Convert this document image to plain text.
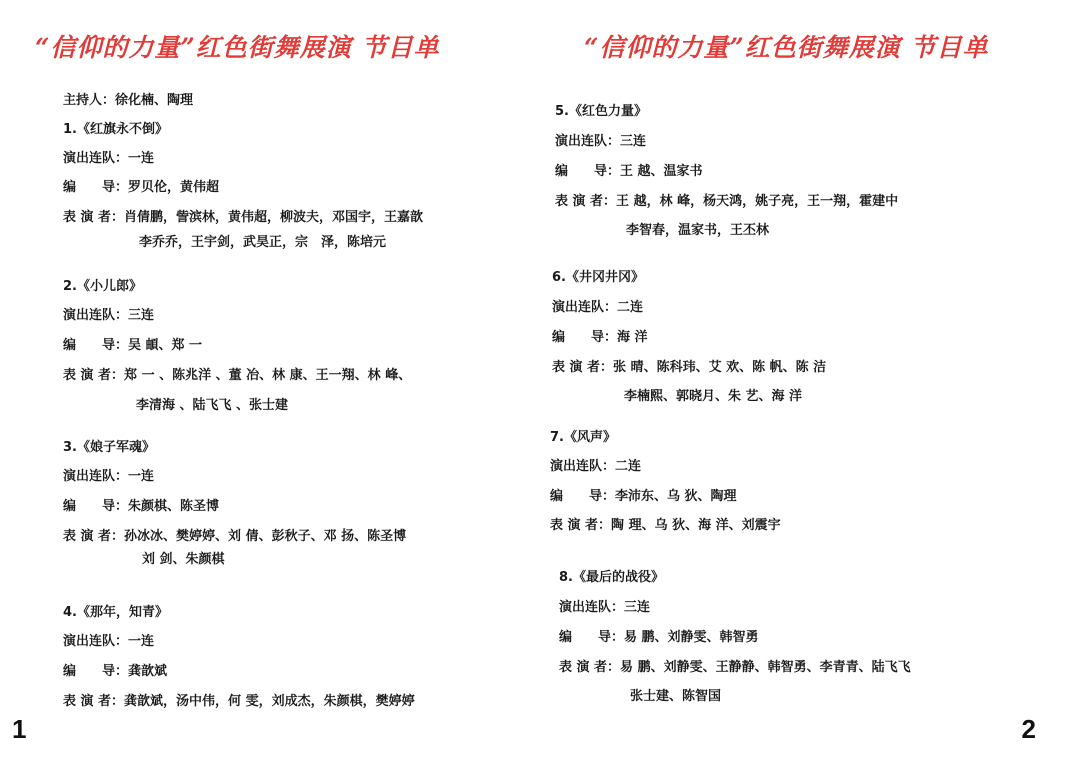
“信仰的力量”红色街舞展演 节目单

主持人：徐化楠、陶理

1.《红旗永不倒》

演出连队：一连

编　　导：罗贝伦，黄伟超

表 演 者：肖倩鹏，訾滨林，黄伟超，柳波夫，邓国宇，王嘉歆

李乔乔，王宇剑，武昊正，宗　泽，陈培元

2.《小儿郎》

演出连队：三连

编　　导：吴 頔、郑 一

表 演 者：郑 一 、陈兆洋 、董 冶、林 康、王一翔、林 峰、

李清海 、陆飞飞 、张士建

3.《娘子军魂》

演出连队：一连

编　　导：朱颜棋、陈圣博

表 演 者：孙冰冰、樊婷婷、刘 倩、彭秋子、邓 扬、陈圣博

刘 剑、朱颜棋

4.《那年，知青》

演出连队：一连

编　　导：龚歆斌

表 演 者：龚歆斌，汤中伟，何 雯，刘成杰，朱颜棋，樊婷婷

1

“信仰的力量”红色街舞展演 节目单

5.《红色力量》

演出连队：三连

编　　导：王 越、温家书

表 演 者：王 越，林 峰，杨天鸿，姚子亮，王一翔，霍建中

李智春，温家书，王丕林

6.《井冈井冈》

演出连队：二连

编　　导：海 洋

表 演 者：张 晴、陈科玮、艾 欢、陈 帆、陈 洁

李楠熙、郭晓月、朱 艺、海 洋

7.《风声》

演出连队：二连

编　　导：李沛东、乌 狄、陶理

表 演 者：陶 理、乌 狄、海 洋、刘震宇

8.《最后的战役》

演出连队：三连

编　　导：易 鹏、刘静雯、韩智勇

表 演 者：易 鹏、刘静雯、王静静、韩智勇、李青青、陆飞飞

张士建、陈智国

2
